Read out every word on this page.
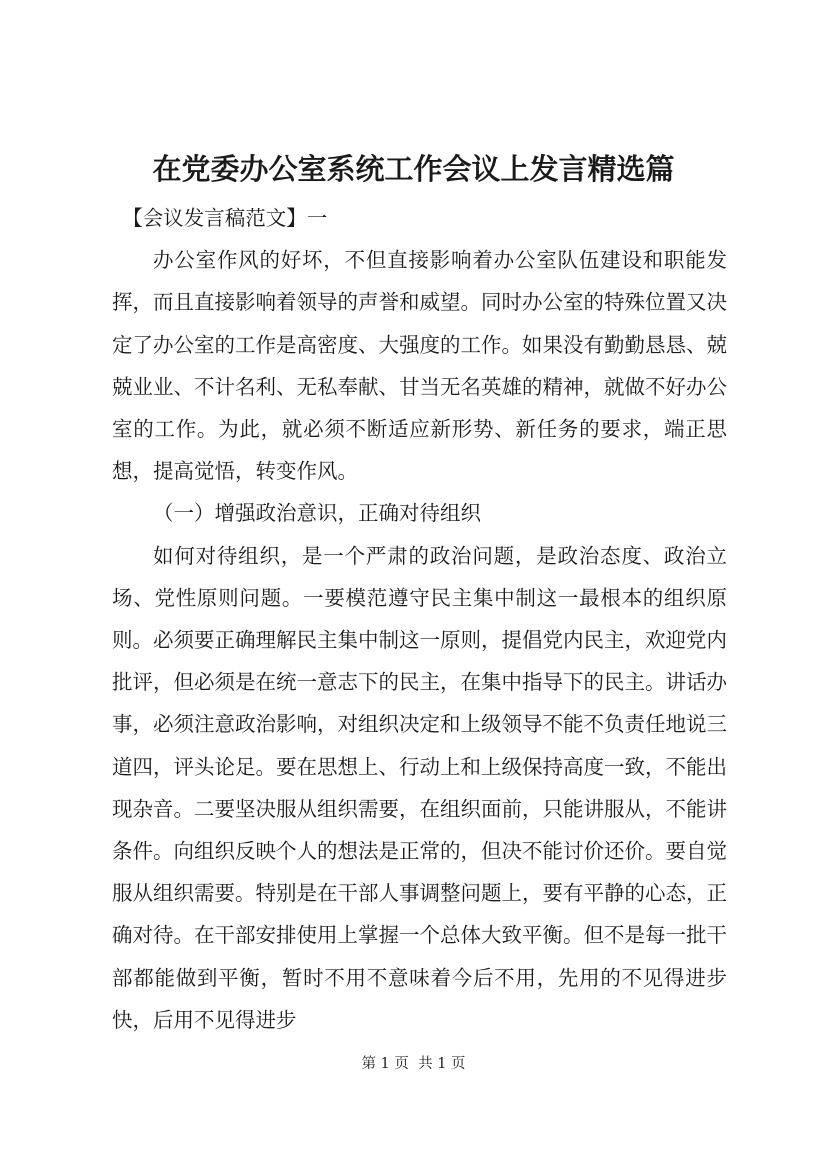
在党委办公室系统工作会议上发言精选篇

【会议发言稿范文】一

办公室作风的好坏，不但直接影响着办公室队伍建设和职能发挥，而且直接影响着领导的声誉和威望。同时办公室的特殊位置又决定了办公室的工作是高密度、大强度的工作。如果没有勤勤恳恳、兢兢业业、不计名利、无私奉献、甘当无名英雄的精神，就做不好办公室的工作。为此，就必须不断适应新形势、新任务的要求，端正思想，提高觉悟，转变作风。

（一）增强政治意识，正确对待组织

如何对待组织，是一个严肃的政治问题，是政治态度、政治立场、党性原则问题。一要模范遵守民主集中制这一最根本的组织原则。必须要正确理解民主集中制这一原则，提倡党内民主，欢迎党内批评，但必须是在统一意志下的民主，在集中指导下的民主。讲话办事，必须注意政治影响，对组织决定和上级领导不能不负责任地说三道四，评头论足。要在思想上、行动上和上级保持高度一致，不能出现杂音。二要坚决服从组织需要，在组织面前，只能讲服从，不能讲条件。向组织反映个人的想法是正常的，但决不能讨价还价。要自觉服从组织需要。特别是在干部人事调整问题上，要有平静的心态，正确对待。在干部安排使用上掌握一个总体大致平衡。但不是每一批干部都能做到平衡，暂时不用不意味着今后不用，先用的不见得进步快，后用不见得进步

第 1 页  共 1 页
